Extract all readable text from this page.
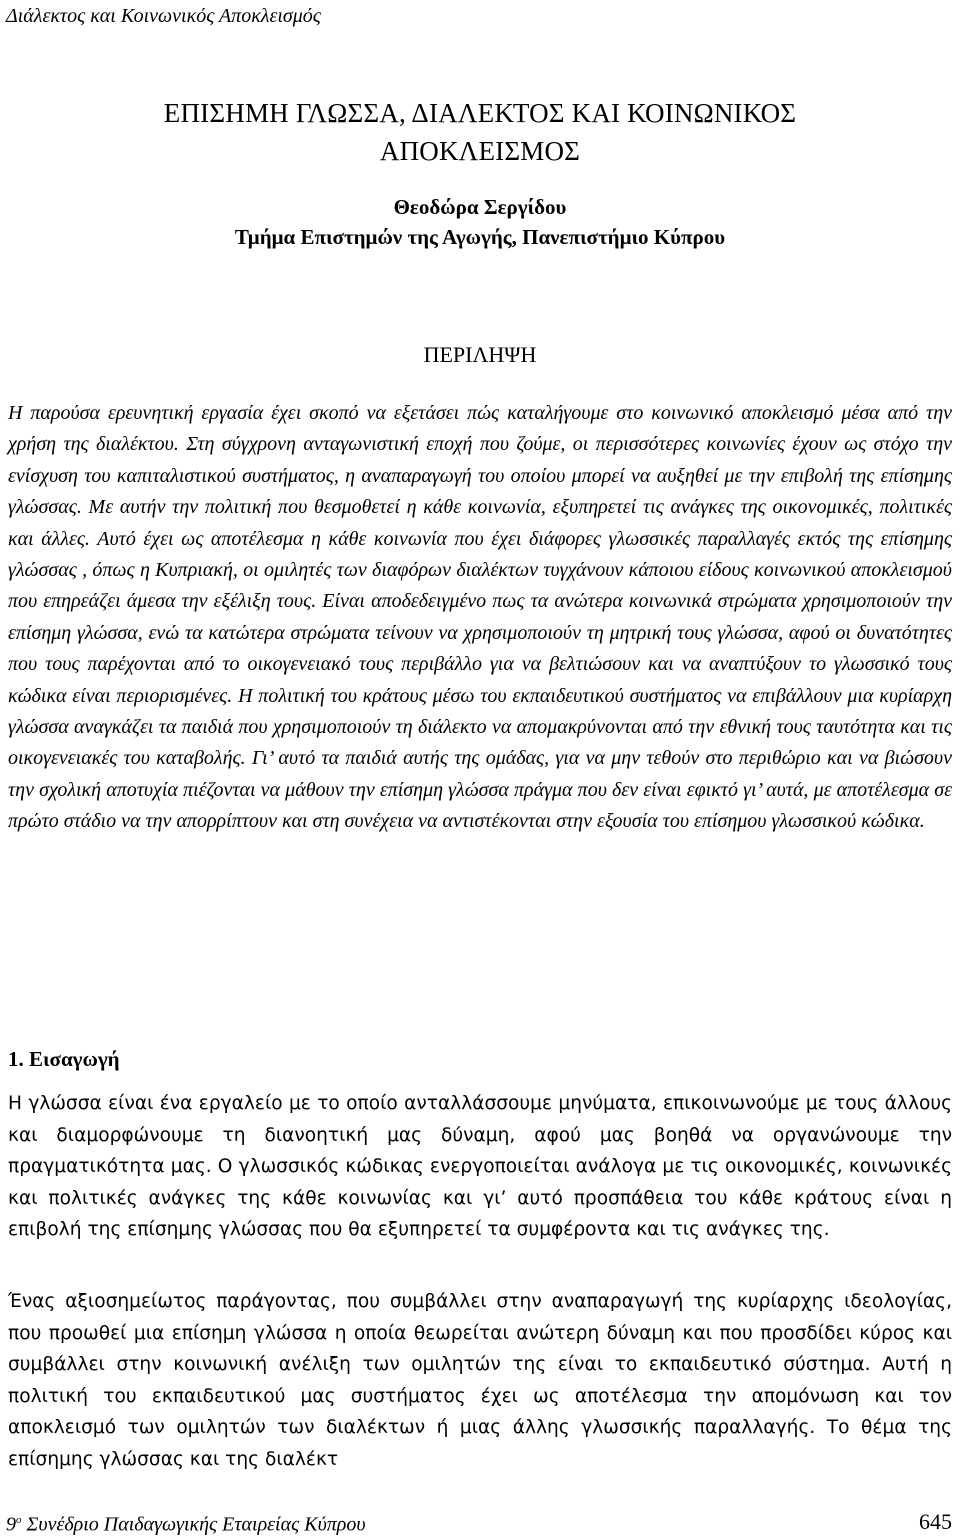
Διάλεκτος και Κοινωνικός Αποκλεισμός
ΕΠΙΣΗΜΗ ΓΛΩΣΣΑ, ΔΙΑΛΕΚΤΟΣ ΚΑΙ ΚΟΙΝΩΝΙΚΟΣ
ΑΠΟΚΛΕΙΣΜΟΣ
Θεοδώρα Σεργίδου
Τμήμα Επιστημών της Αγωγής, Πανεπιστήμιο Κύπρου
ΠΕΡΙΛΗΨΗ

Η παρούσα ερευνητική εργασία έχει σκοπό να εξετάσει πώς καταλήγουμε στο κοινωνικό αποκλεισμό μέσα από την χρήση της διαλέκτου. Στη σύγχρονη ανταγωνιστική εποχή που ζούμε, οι περισσότερες κοινωνίες έχουν ως στόχο την ενίσχυση του καπιταλιστικού συστήματος, η αναπαραγωγή του οποίου μπορεί να αυξηθεί με την επιβολή της επίσημης γλώσσας. Με αυτήν την πολιτική που θεσμοθετεί η κάθε κοινωνία, εξυπηρετεί τις ανάγκες της οικονομικές, πολιτικές και άλλες. Αυτό έχει ως αποτέλεσμα η κάθε κοινωνία που έχει διάφορες γλωσσικές παραλλαγές εκτός της επίσημης γλώσσας , όπως η Κυπριακή, οι ομιλητές των διαφόρων διαλέκτων τυγχάνουν κάποιου είδους κοινωνικού αποκλεισμού που επηρεάζει άμεσα την εξέλιξη τους. Είναι αποδεδειγμένο πως τα ανώτερα κοινωνικά στρώματα χρησιμοποιούν την επίσημη γλώσσα, ενώ τα κατώτερα στρώματα τείνουν να χρησιμοποιούν τη μητρική τους γλώσσα, αφού οι δυνατότητες που τους παρέχονται από το οικογενειακό τους περιβάλλο για να βελτιώσουν και να αναπτύξουν το γλωσσικό τους κώδικα είναι περιορισμένες. Η πολιτική του κράτους μέσω του εκπαιδευτικού συστήματος να επιβάλλουν μια κυρίαρχη γλώσσα αναγκάζει τα παιδιά που χρησιμοποιούν τη διάλεκτο να απομακρύνονται από την εθνική τους ταυτότητα και τις οικογενειακές του καταβολής. Γι’ αυτό τα παιδιά αυτής της ομάδας, για να μην τεθούν στο περιθώριο και να βιώσουν την σχολική αποτυχία πιέζονται να μάθουν την επίσημη γλώσσα πράγμα που δεν είναι εφικτό γι’ αυτά, με αποτέλεσμα σε πρώτο στάδιο να την απορρίπτουν και στη συνέχεια να αντιστέκονται στην εξουσία του επίσημου γλωσσικού κώδικα.

1. Εισαγωγή

Η γλώσσα είναι ένα εργαλείο με το οποίο ανταλλάσσουμε μηνύματα, επικοινωνούμε με τους άλλους και διαμορφώνουμε τη διανοητική μας δύναμη, αφού μας βοηθά να οργανώνουμε την πραγματικότητα μας. Ο γλωσσικός κώδικας ενεργοποιείται ανάλογα με τις οικονομικές, κοινωνικές και πολιτικές ανάγκες της κάθε κοινωνίας και γι’ αυτό προσπάθεια του κάθε κράτους είναι η επιβολή της επίσημης γλώσσας που θα εξυπηρετεί τα συμφέροντα και τις ανάγκες της.

Ένας αξιοσημείωτος παράγοντας, που συμβάλλει στην αναπαραγωγή της κυρίαρχης ιδεολογίας, που προωθεί μια επίσημη γλώσσα η οποία θεωρείται ανώτερη δύναμη και που προσδίδει κύρος και συμβάλλει στην κοινωνική ανέλιξη των ομιλητών της είναι το εκπαιδευτικό σύστημα. Αυτή η πολιτική του εκπαιδευτικού μας συστήματος έχει ως αποτέλεσμα την απομόνωση και τον αποκλεισμό των ομιλητών των διαλέκτων ή μιας άλλης γλωσσικής παραλλαγής. Το θέμα της επίσημης γλώσσας και της διαλέκτ

$9^o$ Συνέδριο Παιδαγωγικής Εταιρείας Κύπρου	645
